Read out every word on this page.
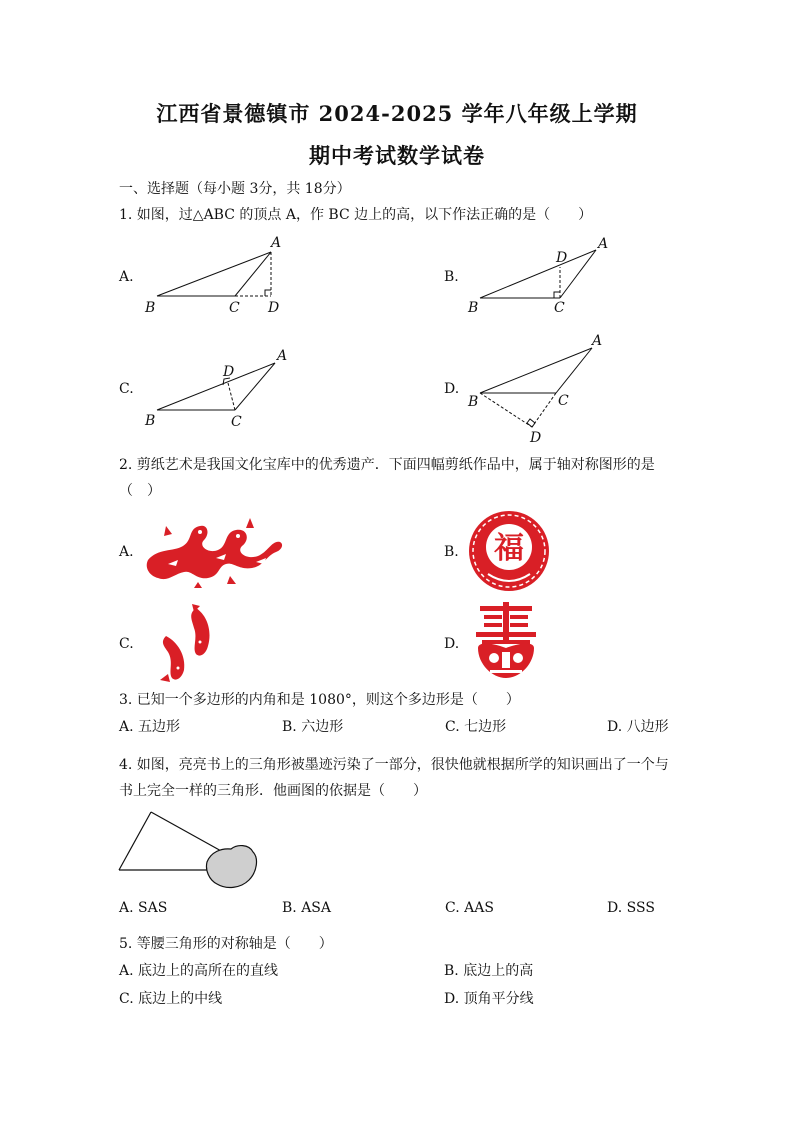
江西省景德镇市 2024-2025 学年八年级上学期
期中考试数学试卷
一、选择题（每小题 3分，共 18分）
1. 如图，过△ABC 的顶点 A，作 BC 边上的高，以下作法正确的是（　　）
A.
A
B	C D
B.
A
B	C
D
C.
A
B	C
D
D.
A
B	C
D
2. 剪纸艺术是我国文化宝库中的优秀遗产．下面四幅剪纸作品中，属于轴对称图形的是
（　）
A.	B. 福
C.	D.
3. 已知一个多边形的内角和是 1080°，则这个多边形是（　　）
A. 五边形	B. 六边形	C. 七边形	D. 八边形
4. 如图，亮亮书上的三角形被墨迹污染了一部分，很快他就根据所学的知识画出了一个与
书上完全一样的三角形．他画图的依据是（　　）
A. SAS	B. ASA	C. AAS	D. SSS
5. 等腰三角形的对称轴是（　　）
A. 底边上的高所在的直线	B. 底边上的高
C. 底边上的中线	D. 顶角平分线
